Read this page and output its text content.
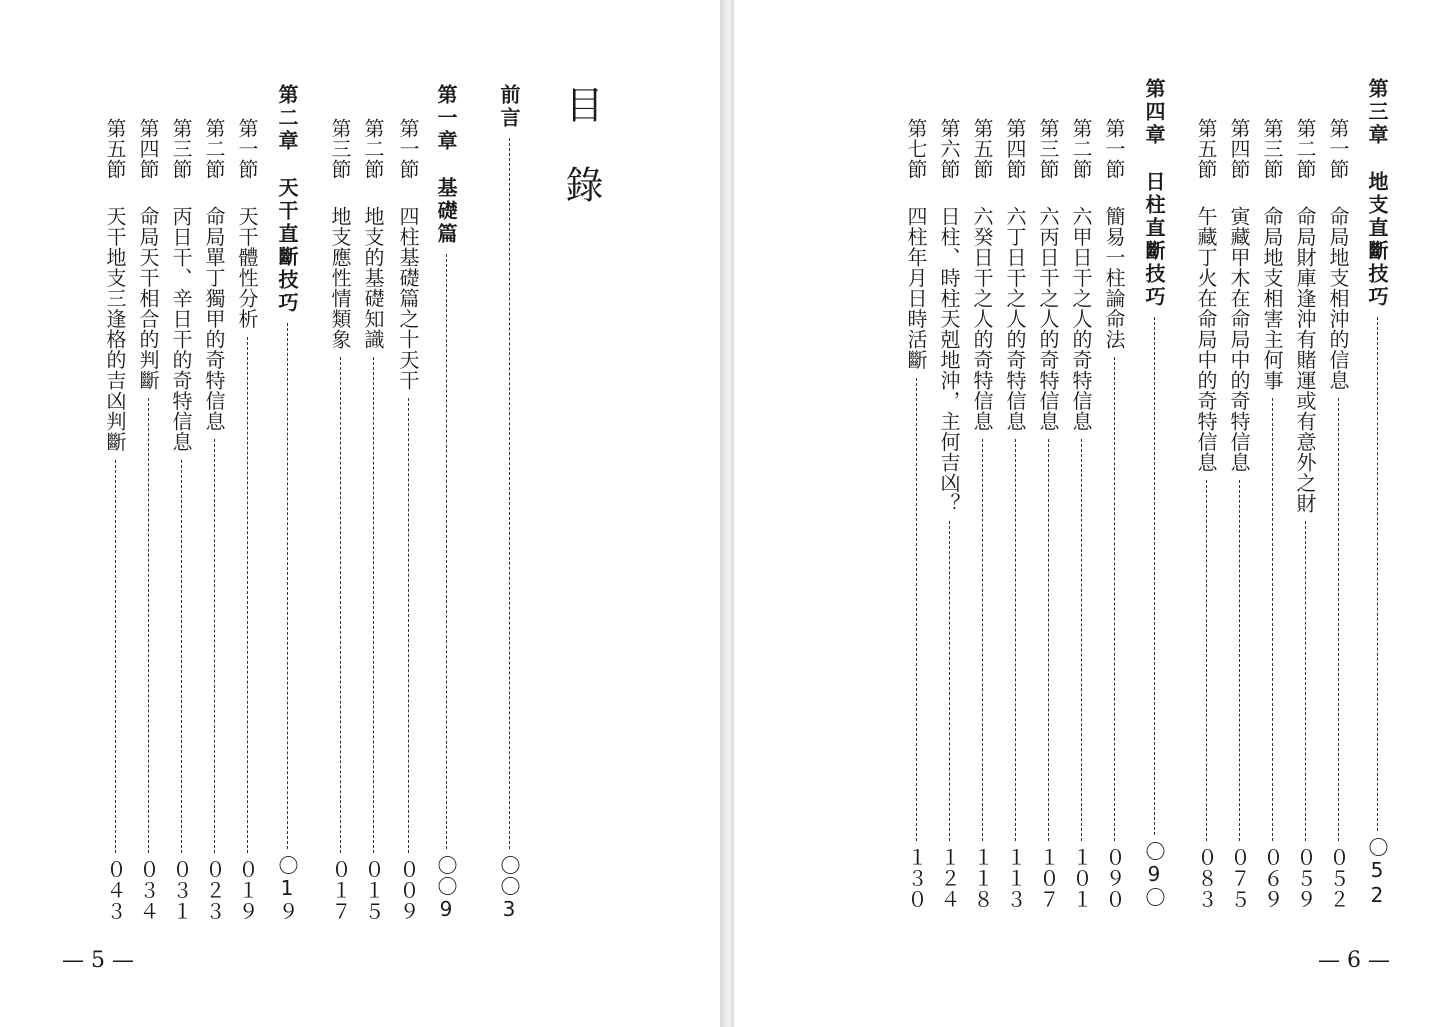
目錄
前言
〇〇3
第一章
基礎篇
〇〇9
第一節
四柱基礎篇之十天干
００９
第二節
地支的基礎知識
０１５
第三節
地支應性情類象
０１７
第二章
天干直斷技巧
〇1９
第一節
天干體性分析
０１９
第二節
命局單丁獨甲的奇特信息
０２３
第三節
丙日干、辛日干的奇特信息
０３１
第四節
命局天干相合的判斷
０３４
第五節
天干地支三逢格的吉凶判斷
０４３
— 5 —
第三章
地支直斷技巧
〇52
第一節
命局地支相沖的信息
０５２
第二節
命局財庫逢沖有賭運或有意外之財
０５９
第三節
命局地支相害主何事
０６９
第四節
寅藏甲木在命局中的奇特信息
０７５
第五節
午藏丁火在命局中的奇特信息
０８３
第四章
日柱直斷技巧
〇9〇
第一節
簡易一柱論命法
０９０
第二節
六甲日干之人的奇特信息
１０１
第三節
六丙日干之人的奇特信息
１０７
第四節
六丁日干之人的奇特信息
１１３
第五節
六癸日干之人的奇特信息
１１８
第六節
日柱、時柱天剋地沖，主何吉凶？
１２４
第七節
四柱年月日時活斷
１３０
— 6 —
